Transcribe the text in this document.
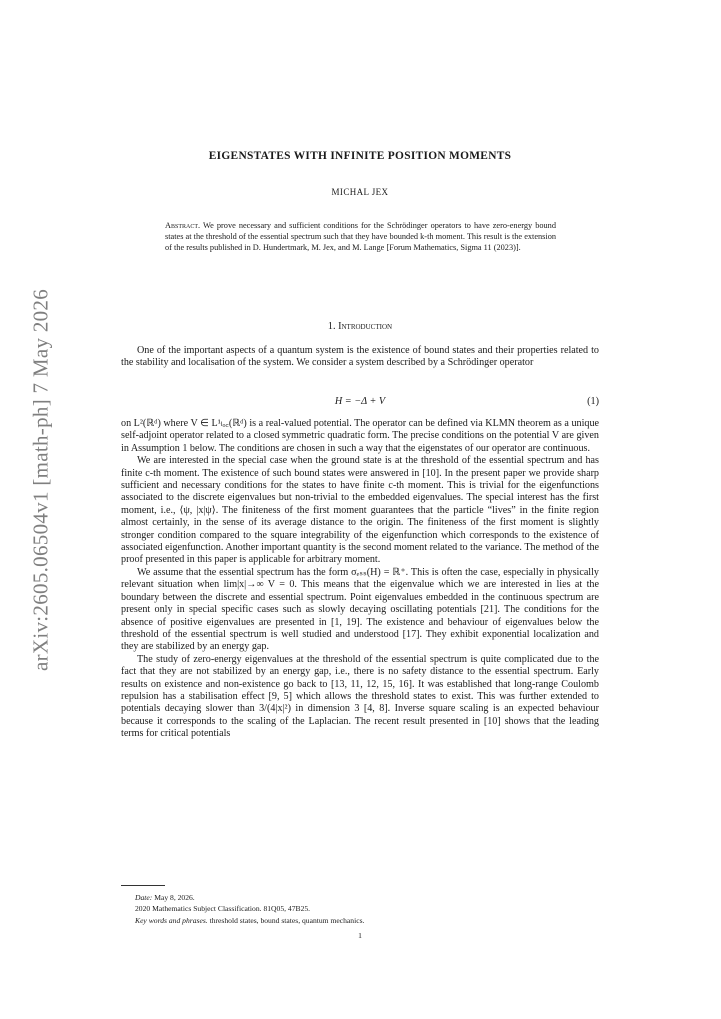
arXiv:2605.06504v1 [math-ph] 7 May 2026
EIGENSTATES WITH INFINITE POSITION MOMENTS
MICHAL JEX
Abstract. We prove necessary and sufficient conditions for the Schrödinger operators to have zero-energy bound states at the threshold of the essential spectrum such that they have bounded k-th moment. This result is the extension of the results published in D. Hundertmark, M. Jex, and M. Lange [Forum Mathematics, Sigma 11 (2023)].
1. Introduction

One of the important aspects of a quantum system is the existence of bound states and their properties related to the stability and localisation of the system. We consider a system described by a Schrödinger operator

H = −Δ + V	(1)

on L²(ℝᵈ) where V ∈ L¹ₗₒ꜀(ℝᵈ) is a real-valued potential. The operator can be defined via KLMN theorem as a unique self-adjoint operator related to a closed symmetric quadratic form. The precise conditions on the potential V are given in Assumption 1 below. The conditions are chosen in such a way that the eigenstates of our operator are continuous.

We are interested in the special case when the ground state is at the threshold of the essential spectrum and has finite c-th moment. The existence of such bound states were answered in [10]. In the present paper we provide sharp sufficient and necessary conditions for the states to have finite c-th moment. This is trivial for the eigenfunctions associated to the discrete eigenvalues but non-trivial to the embedded eigenvalues. The special interest has the first moment, i.e., ⟨ψ, |x|ψ⟩. The finiteness of the first moment guarantees that the particle “lives” in the finite region almost certainly, in the sense of its average distance to the origin. The finiteness of the first moment is slightly stronger condition compared to the square integrability of the eigenfunction which corresponds to the existence of associated eigenfunction. Another important quantity is the second moment related to the variance. The method of the proof presented in this paper is applicable for arbitrary moment.

We assume that the essential spectrum has the form σₑₛₛ(H) = ℝ⁺. This is often the case, especially in physically relevant situation when lim|x|→∞ V = 0. This means that the eigenvalue which we are interested in lies at the boundary between the discrete and essential spectrum. Point eigenvalues embedded in the continuous spectrum are present only in special specific cases such as slowly decaying oscillating potentials [21]. The conditions for the absence of positive eigenvalues are presented in [1, 19]. The existence and behaviour of eigenvalues below the threshold of the essential spectrum is well studied and understood [17]. They exhibit exponential localization and they are stabilized by an energy gap.

The study of zero-energy eigenvalues at the threshold of the essential spectrum is quite complicated due to the fact that they are not stabilized by an energy gap, i.e., there is no safety distance to the essential spectrum. Early results on existence and non-existence go back to [13, 11, 12, 15, 16]. It was established that long-range Coulomb repulsion has a stabilisation effect [9, 5] which allows the threshold states to exist. This was further extended to potentials decaying slower than 3/(4|x|²) in dimension 3 [4, 8]. Inverse square scaling is an expected behaviour because it corresponds to the scaling of the Laplacian. The recent result presented in [10] shows that the leading terms for critical potentials

Date: May 8, 2026.
2020 Mathematics Subject Classification. 81Q05, 47B25.
Key words and phrases. threshold states, bound states, quantum mechanics.
1
